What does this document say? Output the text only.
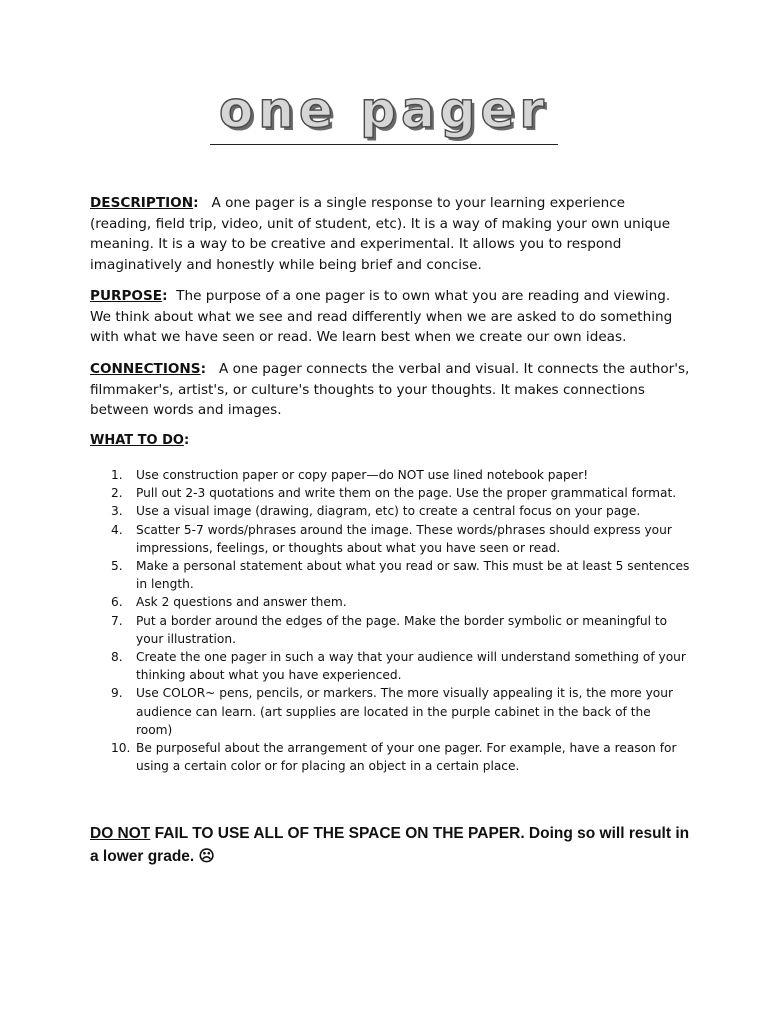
one pager

DESCRIPTION: A one pager is a single response to your learning experience (reading, field trip, video, unit of student, etc). It is a way of making your own unique meaning. It is a way to be creative and experimental. It allows you to respond imaginatively and honestly while being brief and concise.

PURPOSE: The purpose of a one pager is to own what you are reading and viewing. We think about what we see and read differently when we are asked to do something with what we have seen or read. We learn best when we create our own ideas.

CONNECTIONS: A one pager connects the verbal and visual. It connects the author's, filmmaker's, artist's, or culture's thoughts to your thoughts. It makes connections between words and images.

WHAT TO DO:

1. Use construction paper or copy paper—do NOT use lined notebook paper!
2. Pull out 2-3 quotations and write them on the page. Use the proper grammatical format.
3. Use a visual image (drawing, diagram, etc) to create a central focus on your page.
4. Scatter 5-7 words/phrases around the image. These words/phrases should express your impressions, feelings, or thoughts about what you have seen or read.
5. Make a personal statement about what you read or saw. This must be at least 5 sentences in length.
6. Ask 2 questions and answer them.
7. Put a border around the edges of the page. Make the border symbolic or meaningful to your illustration.
8. Create the one pager in such a way that your audience will understand something of your thinking about what you have experienced.
9. Use COLOR~ pens, pencils, or markers. The more visually appealing it is, the more your audience can learn. (art supplies are located in the purple cabinet in the back of the room)
10. Be purposeful about the arrangement of your one pager. For example, have a reason for using a certain color or for placing an object in a certain place.

DO NOT FAIL TO USE ALL OF THE SPACE ON THE PAPER. Doing so will result in a lower grade. ☹
